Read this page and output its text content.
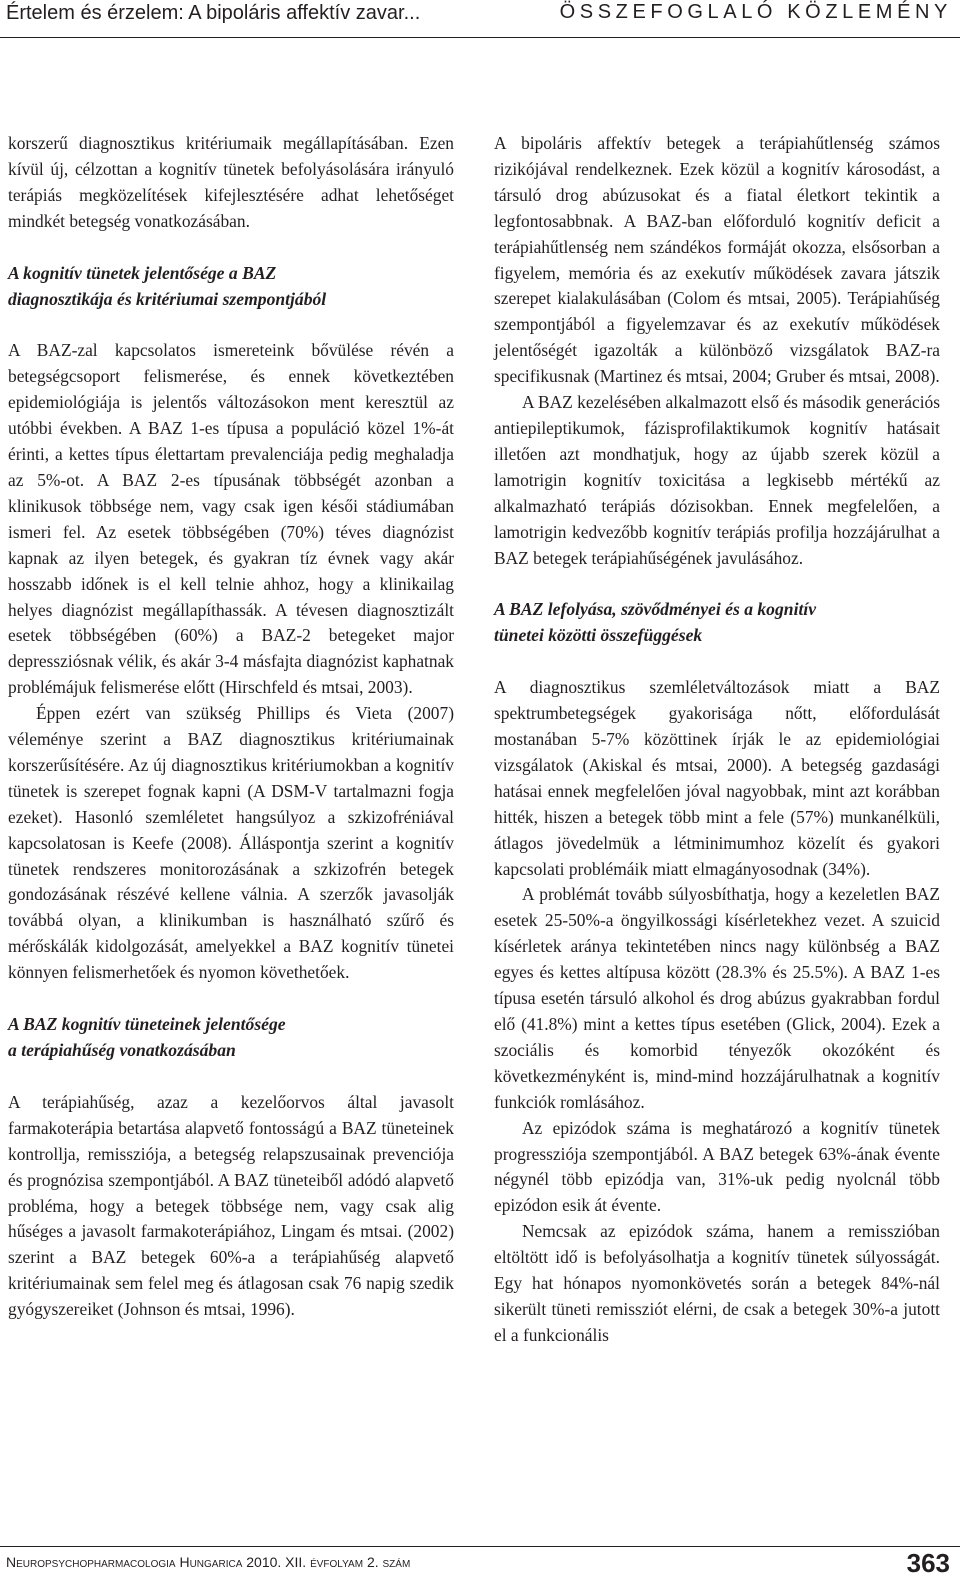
Értelem és érzelem: A bipoláris affektív zavar...	ÖSSZEFOGLALÓ KÖZLEMÉNY

korszerű diagnosztikus kritériumaik megállapításában. Ezen kívül új, célzottan a kognitív tünetek befolyásolására irányuló terápiás megközelítések kifejlesztésére adhat lehetőséget mindkét betegség vonatkozásában.

A kognitív tünetek jelentősége a BAZ
diagnosztikája és kritériumai szempontjából

A BAZ-zal kapcsolatos ismereteink bővülése révén a betegségcsoport felismerése, és ennek következtében epidemiológiája is jelentős változásokon ment keresztül az utóbbi években. A BAZ 1-es típusa a populáció közel 1%-át érinti, a kettes típus élettartam prevalenciája pedig meghaladja az 5%-ot. A BAZ 2-es típusának többségét azonban a klinikusok többsége nem, vagy csak igen késői stádiumában ismeri fel. Az esetek többségében (70%) téves diagnózist kapnak az ilyen betegek, és gyakran tíz évnek vagy akár hosszabb időnek is el kell telnie ahhoz, hogy a klinikailag helyes diagnózist megállapíthassák. A tévesen diagnosztizált esetek többségében (60%) a BAZ-2 betegeket major depressziósnak vélik, és akár 3-4 másfajta diagnózist kaphatnak problémájuk felismerése előtt (Hirschfeld és mtsai, 2003).

Éppen ezért van szükség Phillips és Vieta (2007) véleménye szerint a BAZ diagnosztikus kritériumainak korszerűsítésére. Az új diagnosztikus kritériumokban a kognitív tünetek is szerepet fognak kapni (A DSM-V tartalmazni fogja ezeket). Hasonló szemléletet hangsúlyoz a szkizofréniával kapcsolatosan is Keefe (2008). Álláspontja szerint a kognitív tünetek rendszeres monitorozásának a szkizofrén betegek gondozásának részévé kellene válnia. A szerzők javasolják továbbá olyan, a klinikumban is használható szűrő és mérőskálák kidolgozását, amelyekkel a BAZ kognitív tünetei könnyen felismerhetőek és nyomon követhetőek.

A BAZ kognitív tüneteinek jelentősége
a terápiahűség vonatkozásában

A terápiahűség, azaz a kezelőorvos által javasolt farmakoterápia betartása alapvető fontosságú a BAZ tüneteinek kontrollja, remissziója, a betegség relapszusainak prevenciója és prognózisa szempontjából. A BAZ tüneteiből adódó alapvető probléma, hogy a betegek többsége nem, vagy csak alig hűséges a javasolt farmakoterápiához, Lingam és mtsai. (2002) szerint a BAZ betegek 60%-a a terápiahűség alapvető kritériumainak sem felel meg és átlagosan csak 76 napig szedik gyógyszereiket (Johnson és mtsai, 1996).

A bipoláris affektív betegek a terápiahűtlenség számos rizikójával rendelkeznek. Ezek közül a kognitív károsodást, a társuló drog abúzusokat és a fiatal életkort tekintik a legfontosabbnak. A BAZ-ban előforduló kognitív deficit a terápiahűtlenség nem szándékos formáját okozza, elsősorban a figyelem, memória és az exekutív működések zavara játszik szerepet kialakulásában (Colom és mtsai, 2005). Terápiahűség szempontjából a figyelemzavar és az exekutív működések jelentőségét igazolták a különböző vizsgálatok BAZ-ra specifikusnak (Martinez és mtsai, 2004; Gruber és mtsai, 2008).

A BAZ kezelésében alkalmazott első és második generációs antiepileptikumok, fázisprofilaktikumok kognitív hatásait illetően azt mondhatjuk, hogy az újabb szerek közül a lamotrigin kognitív toxicitása a legkisebb mértékű az alkalmazható terápiás dózisokban. Ennek megfelelően, a lamotrigin kedvezőbb kognitív terápiás profilja hozzájárulhat a BAZ betegek terápiahűségének javulásához.

A BAZ lefolyása, szövődményei és a kognitív
tünetei közötti összefüggések

A diagnosztikus szemléletváltozások miatt a BAZ spektrumbetegségek gyakorisága nőtt, előfordulását mostanában 5-7% közöttinek írják le az epidemiológiai vizsgálatok (Akiskal és mtsai, 2000). A betegség gazdasági hatásai ennek megfelelően jóval nagyobbak, mint azt korábban hitték, hiszen a betegek több mint a fele (57%) munkanélküli, átlagos jövedelmük a létminimumhoz közelít és gyakori kapcsolati problémáik miatt elmagányosodnak (34%).

A problémát tovább súlyosbíthatja, hogy a kezeletlen BAZ esetek 25-50%-a öngyilkossági kísérletekhez vezet. A szuicid kísérletek aránya tekintetében nincs nagy különbség a BAZ egyes és kettes altípusa között (28.3% és 25.5%). A BAZ 1-es típusa esetén társuló alkohol és drog abúzus gyakrabban fordul elő (41.8%) mint a kettes típus esetében (Glick, 2004). Ezek a szociális és komorbid tényezők okozóként és következményként is, mind-mind hozzájárulhatnak a kognitív funkciók romlásához.

Az epizódok száma is meghatározó a kognitív tünetek progressziója szempontjából. A BAZ betegek 63%-ának évente négynél több epizódja van, 31%-uk pedig nyolcnál több epizódon esik át évente.

Nemcsak az epizódok száma, hanem a remisszióban eltöltött idő is befolyásolhatja a kognitív tünetek súlyosságát. Egy hat hónapos nyomonkövetés során a betegek 84%-nál sikerült tüneti remissziót elérni, de csak a betegek 30%-a jutott el a funkcionális

Neuropsychopharmacologia Hungarica 2010. XII. évfolyam 2. szám	363
